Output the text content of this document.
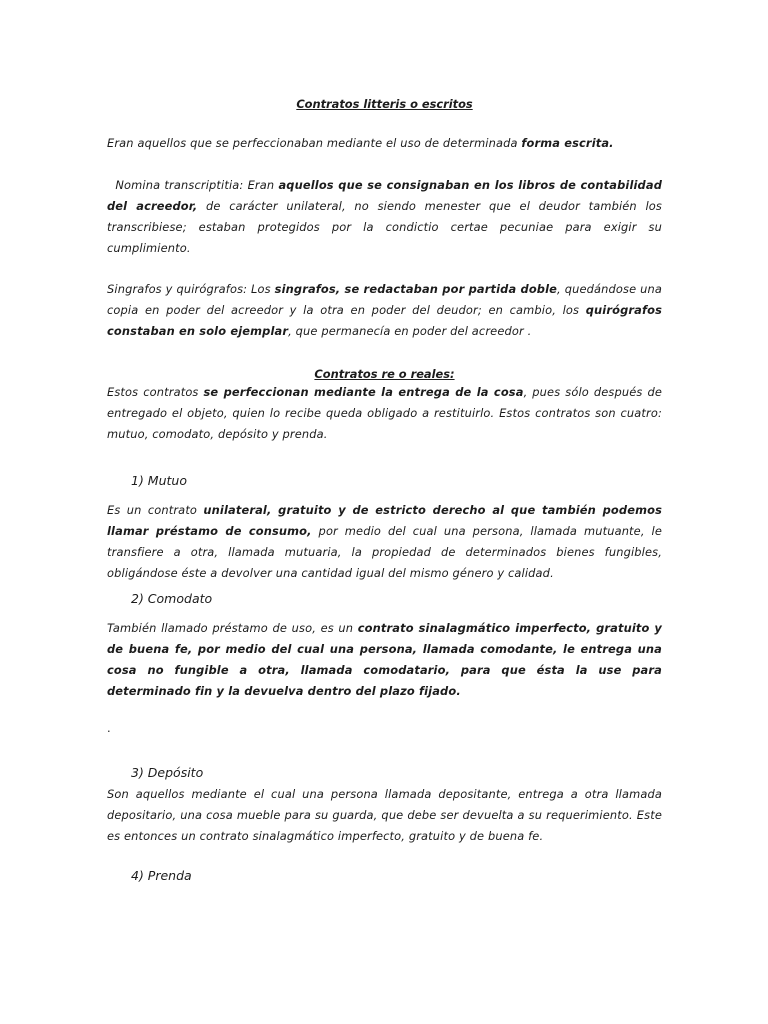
Contratos litteris o escritos
Eran aquellos que se perfeccionaban mediante el uso de determinada forma escrita.
Nomina transcriptitia: Eran aquellos que se consignaban en los libros de contabilidad del acreedor, de carácter unilateral, no siendo menester que el deudor también los transcribiese; estaban protegidos por la condictio certae pecuniae para exigir su cumplimiento.
Singrafos y quirógrafos: Los singrafos, se redactaban por partida doble, quedándose una copia en poder del acreedor y la otra en poder del deudor; en cambio, los quirógrafos constaban en solo ejemplar, que permanecía en poder del acreedor .
Contratos re o reales:
Estos contratos se perfeccionan mediante la entrega de la cosa, pues sólo después de entregado el objeto, quien lo recibe queda obligado a restituirlo. Estos contratos son cuatro: mutuo, comodato, depósito y prenda.
1) Mutuo
Es un contrato unilateral, gratuito y de estricto derecho al que también podemos llamar préstamo de consumo, por medio del cual una persona, llamada mutuante, le transfiere a otra, llamada mutuaria, la propiedad de determinados bienes fungibles, obligándose éste a devolver una cantidad igual del mismo género y calidad.
2) Comodato
También llamado préstamo de uso, es un contrato sinalagmático imperfecto, gratuito y de buena fe, por medio del cual una persona, llamada comodante, le entrega una cosa no fungible a otra, llamada comodatario, para que ésta la use para determinado fin y la devuelva dentro del plazo fijado.
.
3) Depósito
Son aquellos mediante el cual una persona llamada depositante, entrega a otra llamada depositario, una cosa mueble para su guarda, que debe ser devuelta a su requerimiento. Este es entonces un contrato sinalagmático imperfecto, gratuito y de buena fe.
4) Prenda
